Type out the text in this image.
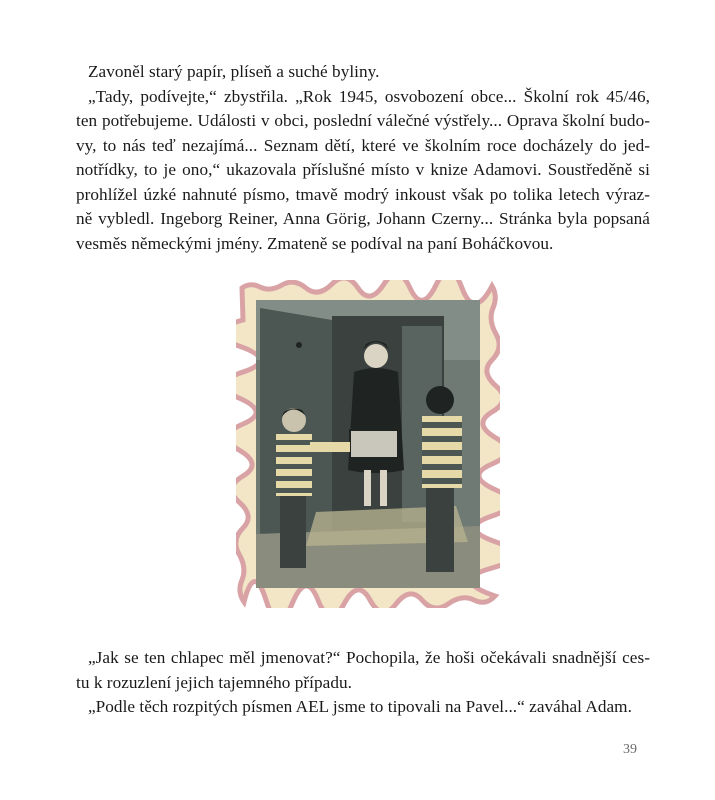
Zavoněl starý papír, plíseň a suché byliny.
„Tady, podívejte,“ zbystřila. „Rok 1945, osvobození obce... Školní rok 45/46,
ten potřebujeme. Události v obci, poslední válečné výstřely... Oprava školní budo-
vy, to nás teď nezajímá... Seznam dětí, které ve školním roce docházely do jed-
notřídky, to je ono,“ ukazovala příslušné místo v knize Adamovi. Soustředěně si
prohlížel úzké nahnuté písmo, tmavě modrý inkoust však po tolika letech výraz-
ně vybledl. Ingeborg Reiner, Anna Görig, Johann Czerny... Stránka byla popsaná
vesměs německými jmény. Zmateně se podíval na paní Boháčkovou.
„Jak se ten chlapec měl jmenovat?“ Pochopila, že hoši očekávali snadnější ces-
tu k rozuzlení jejich tajemného případu.
„Podle těch rozpitých písmen AEL jsme to tipovali na Pavel...“ zaváhal Adam.
39
